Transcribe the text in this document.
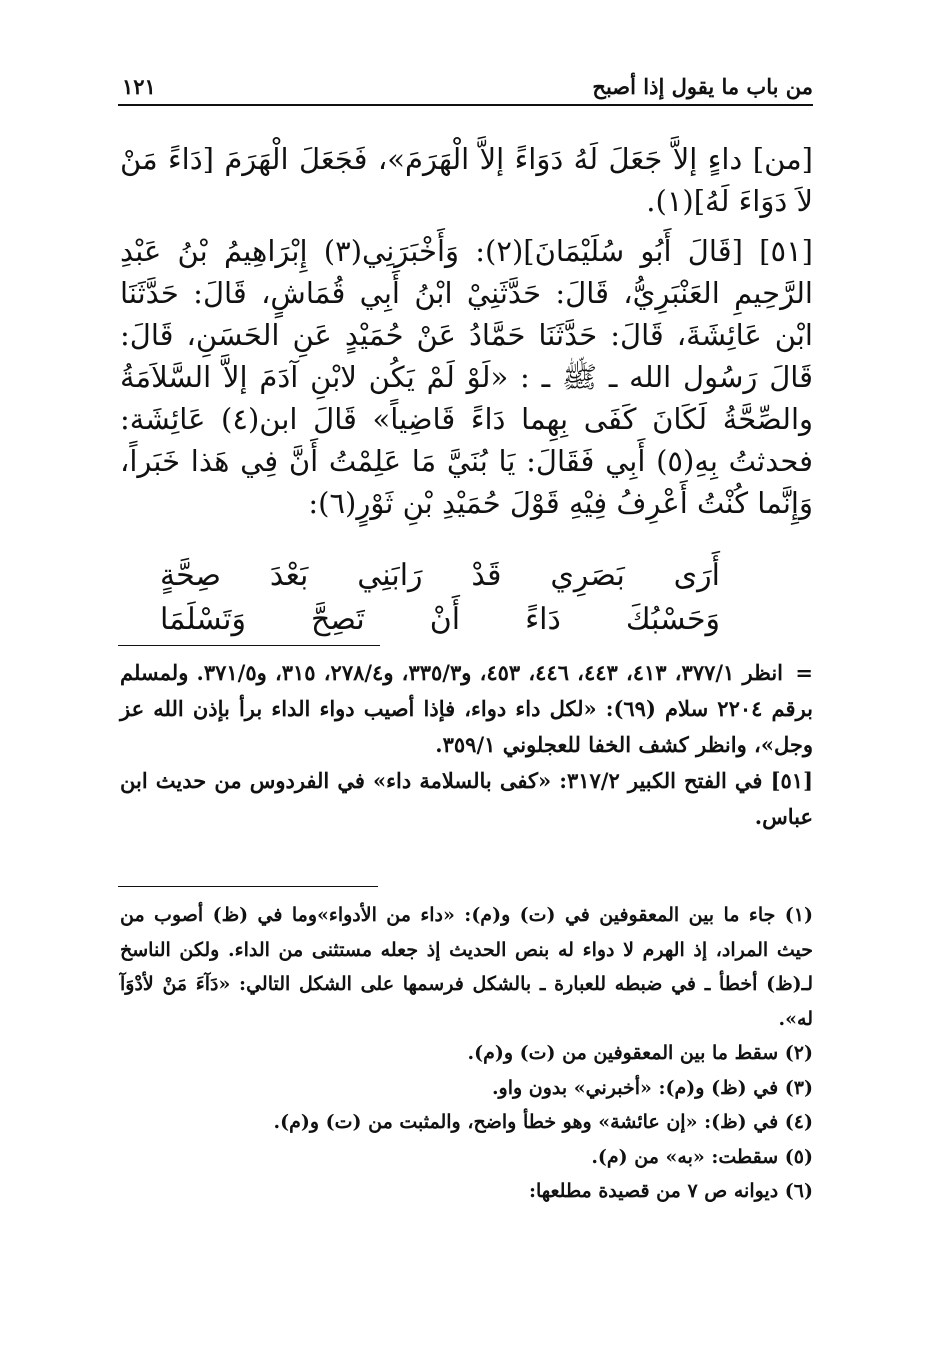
من باب ما يقول إذا أصبح
١٢١

[من] داءٍ إلاَّ جَعَلَ لَهُ دَوَاءً إلاَّ الْهَرَمَ»، فَجَعَلَ الْهَرَمَ [دَاءً مَنْ لاَ دَوَاءَ لَهُ](١).

[٥١] [قَالَ أَبُو سُلَيْمَانَ](٢): وَأَخْبَرَنِي(٣) إِبْرَاهِيمُ بْنُ عَبْدِ الرَّحِيمِ العَنْبَرِيُّ، قَالَ: حَدَّثَنِيْ ابْنُ أَبِي قُمَاشٍ، قَالَ: حَدَّثَنَا ابْن عَائِشَةَ، قَالَ: حَدَّثَنَا حَمَّادُ عَنْ حُمَيْدٍ عَنِ الحَسَنِ، قَالَ: قَالَ رَسُول الله ـ ﷺ ـ : «لَوْ لَمْ يَكُن لابْنِ آدَمَ إلاَّ السَّلاَمَةُ والصِّحَّةُ لَكَانَ كَفَى بِهِما دَاءً قَاضِياً» قَالَ ابن(٤) عَائِشَة: فحدثتُ بِهِ(٥) أَبِي فَقَالَ: يَا بُنَيَّ مَا عَلِمْتُ أَنَّ فِي هَذا خَبَراً، وَإِنَّما كُنْتُ أَعْرِفُ فِيْهِ قَوْلَ حُمَيْدِ بْنِ ثَوْرٍ(٦):

أَرَى بَصَرِي قَدْ رَابَنِي بَعْدَ صِحَّةٍ
وَحَسْبُكَ دَاءً أَنْ تَصِحَّ وَتَسْلَمَا

=انظر ٣٧٧/١، ٤١٣، ٤٤٣، ٤٤٦، ٤٥٣، و٣٣٥/٣، و٢٧٨/٤، ٣١٥، و٣٧١/٥. ولمسلم برقم ٢٢٠٤ سلام (٦٩): «لكل داء دواء، فإذا أصيب دواء الداء برأ بإذن الله عز وجل»، وانظر كشف الخفا للعجلوني ٣٥٩/١.

[٥١] في الفتح الكبير ٣١٧/٢: «كفى بالسلامة داء» في الفردوس من حديث ابن عباس.

(١) جاء ما بين المعقوفين في (ت) و(م): «داء من الأدواء»وما في (ظ) أصوب من حيث المراد، إذ الهرم لا دواء له بنص الحديث إذ جعله مستثنى من الداء. ولكن الناسخ لـ(ظ) أخطأ ـ في ضبطه للعبارة ـ بالشكل فرسمها على الشكل التالي: «دَآءَ مَنْ لأدْوَآ له».

(٢) سقط ما بين المعقوفين من (ت) و(م).

(٣) في (ظ) و(م): «أخبرني» بدون واو.

(٤) في (ظ): «إن عائشة» وهو خطأ واضح، والمثبت من (ت) و(م).

(٥) سقطت: «به» من (م).

(٦) ديوانه ص ٧ من قصيدة مطلعها:
